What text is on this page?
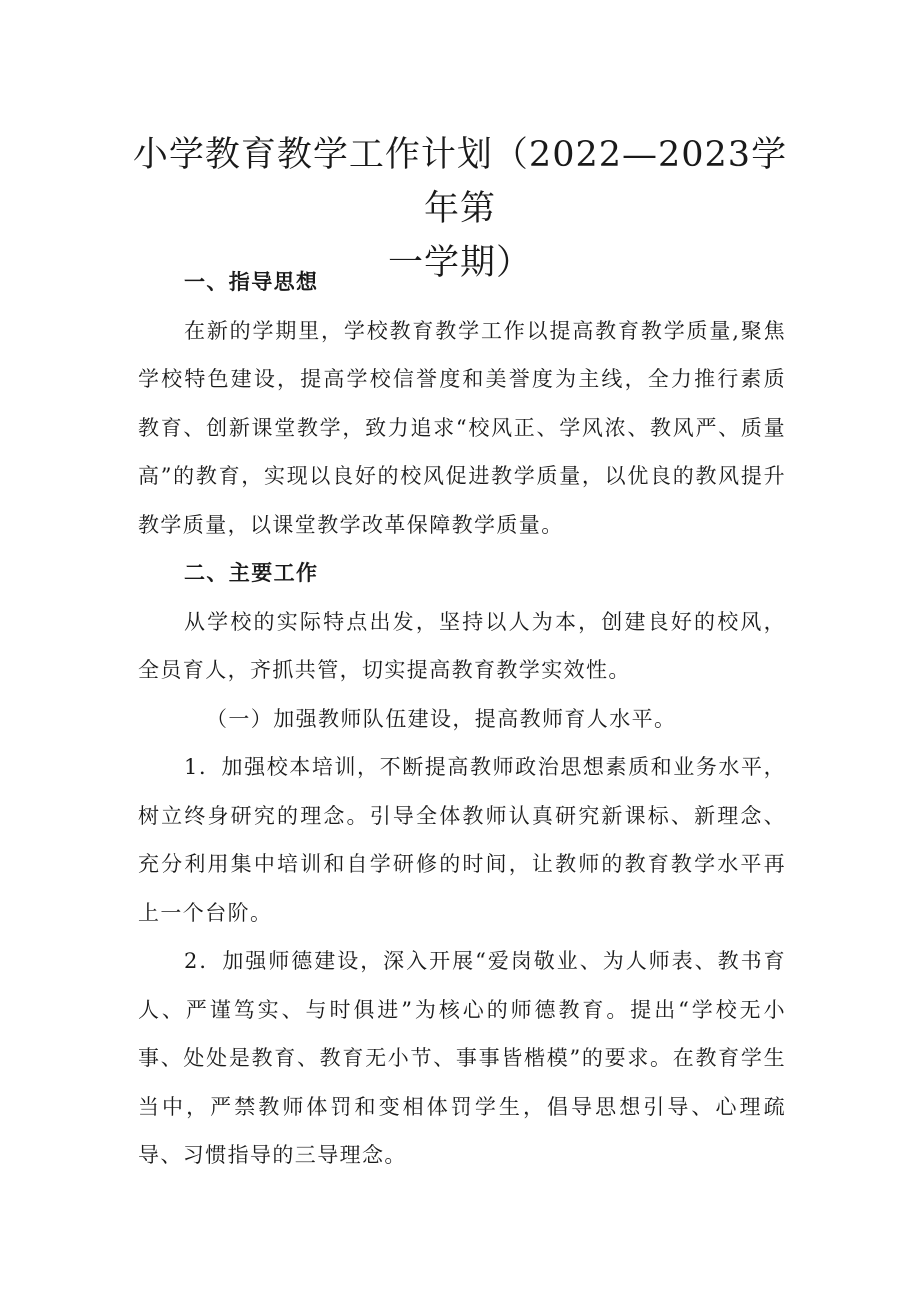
小学教育教学工作计划（2022—2023学年第
一学期）

一、指导思想

在新的学期里，学校教育教学工作以提高教育教学质量,聚焦学校特色建设，提高学校信誉度和美誉度为主线，全力推行素质教育、创新课堂教学，致力追求“校风正、学风浓、教风严、质量高”的教育，实现以良好的校风促进教学质量，以优良的教风提升教学质量，以课堂教学改革保障教学质量。

二、主要工作

从学校的实际特点出发，坚持以人为本，创建良好的校风，全员育人，齐抓共管，切实提高教育教学实效性。

（一）加强教师队伍建设，提高教师育人水平。

1．加强校本培训，不断提高教师政治思想素质和业务水平，树立终身研究的理念。引导全体教师认真研究新课标、新理念、充分利用集中培训和自学研修的时间，让教师的教育教学水平再上一个台阶。

2．加强师德建设，深入开展“爱岗敬业、为人师表、教书育人、严谨笃实、与时俱进”为核心的师德教育。提出“学校无小事、处处是教育、教育无小节、事事皆楷模”的要求。在教育学生当中，严禁教师体罚和变相体罚学生，倡导思想引导、心理疏导、习惯指导的三导理念。
